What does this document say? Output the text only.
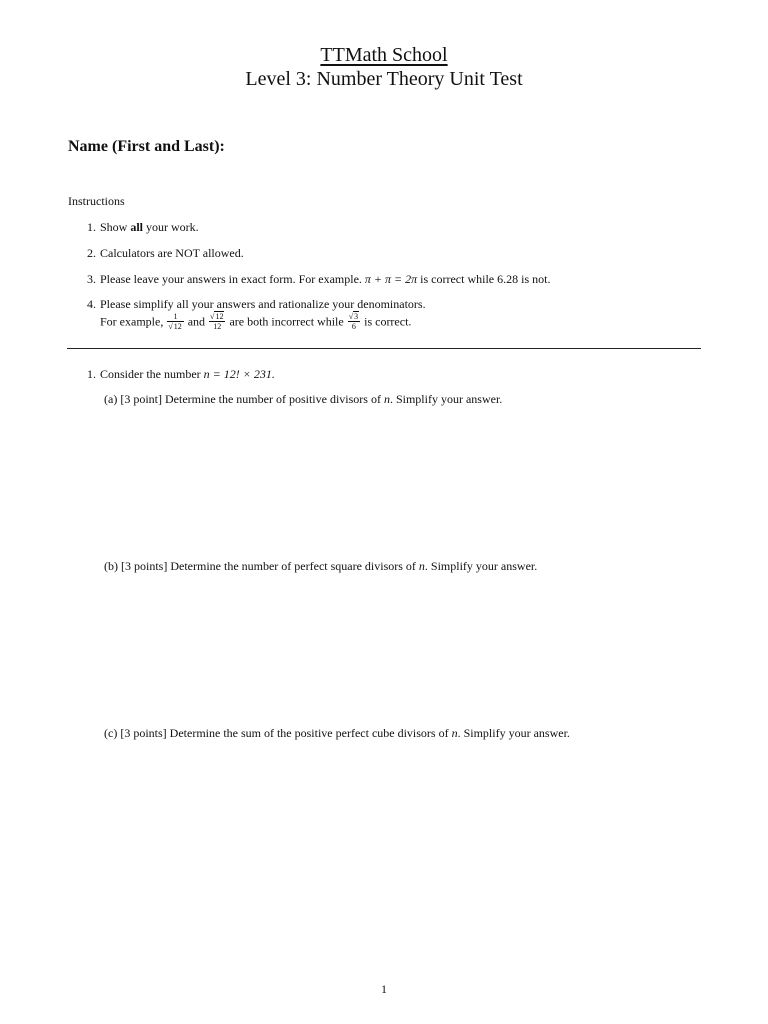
TTMath School
Level 3: Number Theory Unit Test
Name (First and Last):
Instructions
1. Show all your work.
2. Calculators are NOT allowed.
3. Please leave your answers in exact form. For example. π + π = 2π is correct while 6.28 is not.
4. Please simplify all your answers and rationalize your denominators.
For example, $\frac{1}{√12}$ and $\frac{√12}{12}$ are both incorrect while $\frac{√3}{6}$ is correct.
1. Consider the number n = 12! × 231.
(a) [3 point] Determine the number of positive divisors of n. Simplify your answer.
(b) [3 points] Determine the number of perfect square divisors of n. Simplify your answer.
(c) [3 points] Determine the sum of the positive perfect cube divisors of n. Simplify your answer.
1
